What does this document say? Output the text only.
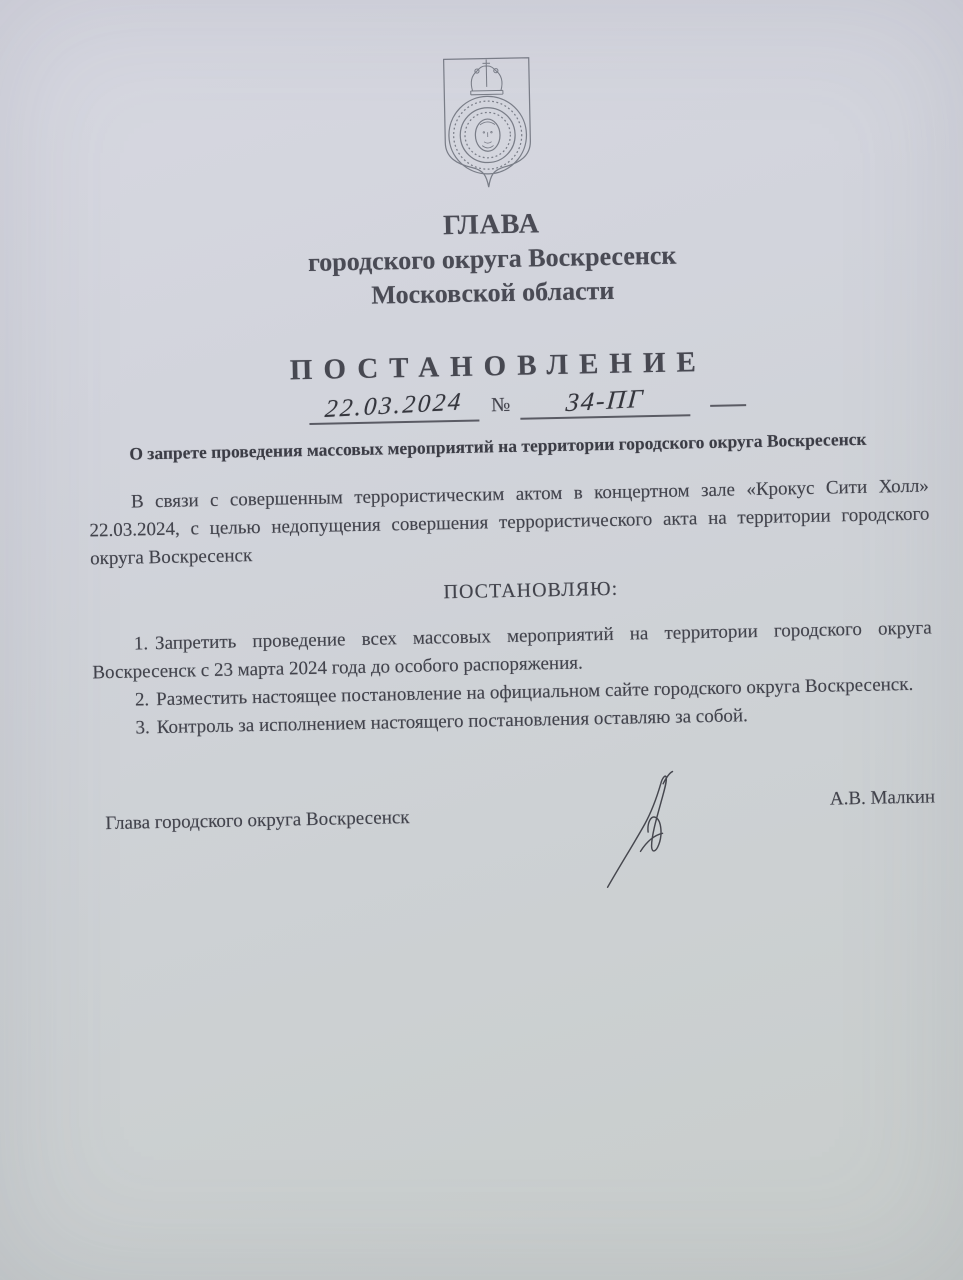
ГЛАВА
городского округа Воскресенск
Московской области
ПОСТАНОВЛЕНИЕ
22.03.2024 № 34-ПГ
О запрете проведения массовых мероприятий на территории городского округа Воскресенск

В связи с совершенным террористическим актом в концертном зале «Крокус Сити Холл» 22.03.2024, с целью недопущения совершения террористического акта на территории городского округа Воскресенск

ПОСТАНОВЛЯЮ:

1. Запретить проведение всех массовых мероприятий на территории городского округа Воскресенск с 23 марта 2024 года до особого распоряжения.

2. Разместить настоящее постановление на официальном сайте городского округа Воскресенск.

3. Контроль за исполнением настоящего постановления оставляю за собой.

Глава городского округа Воскресенск
А.В. Малкин
